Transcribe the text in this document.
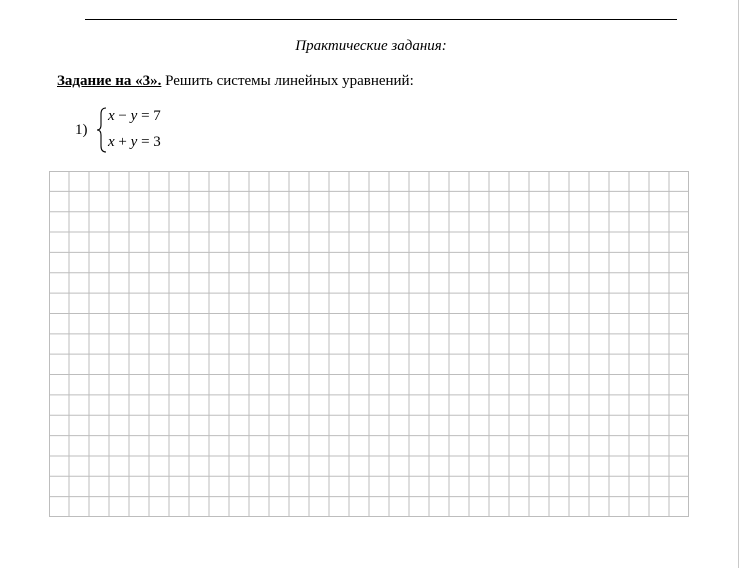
Практические задания:
Задание на «3». Решить системы линейных уравнений:
1)
x − y = 7
x + y = 3
